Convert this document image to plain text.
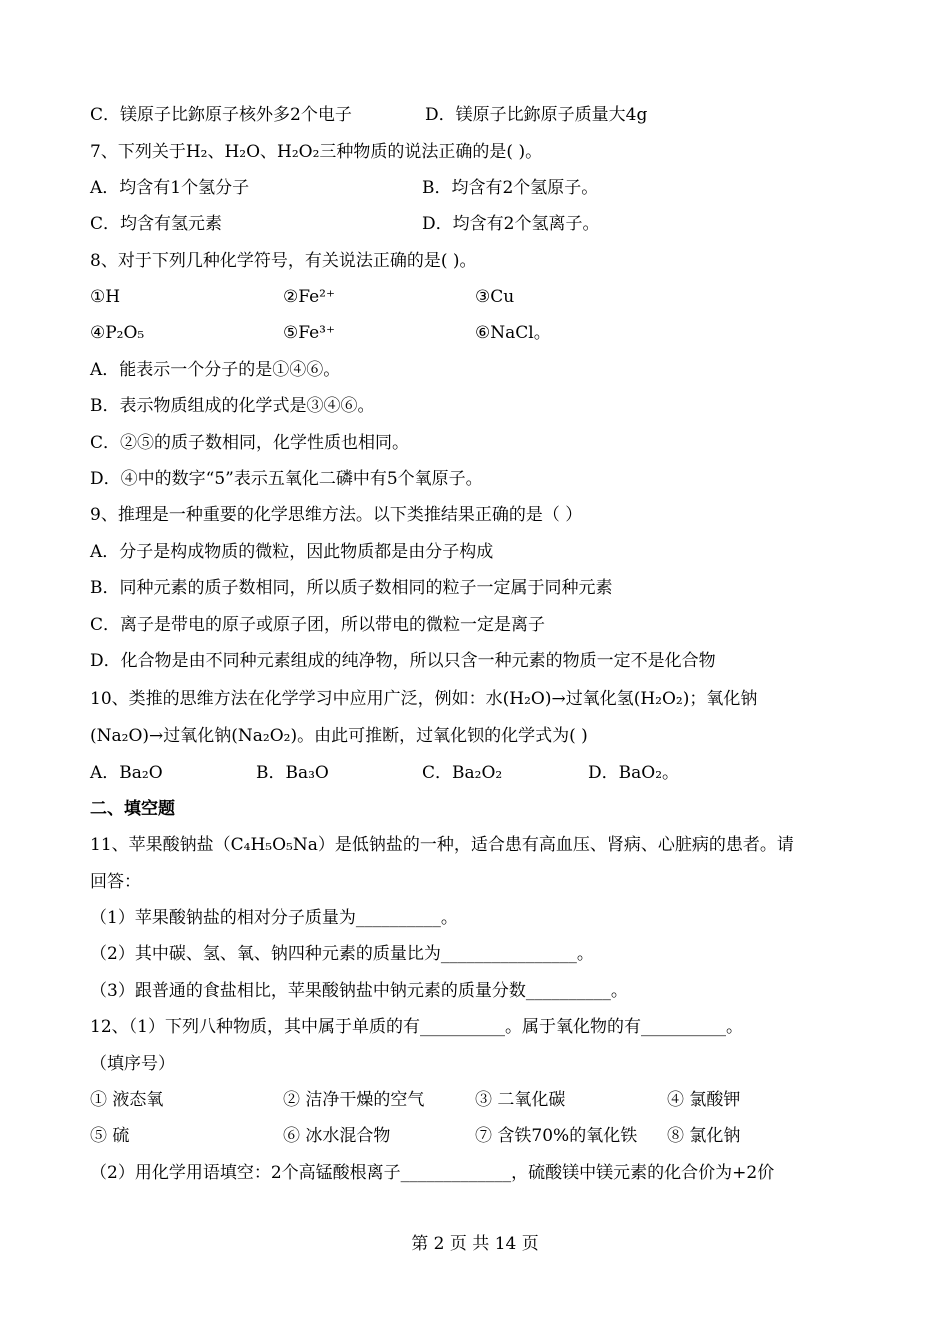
C．镁原子比鉨原子核外多2个电子	D．镁原子比鉨原子质量大4g
7、下列关于H₂、H₂O、H₂O₂三种物质的说法正确的是( )。
A．均含有1个氢分子	B．均含有2个氢原子。
C．均含有氢元素	D．均含有2个氢离子。
8、对于下列几种化学符号，有关说法正确的是( )。
①H	②Fe²⁺	③Cu
④P₂O₅	⑤Fe³⁺	⑥NaCl。
A．能表示一个分子的是①④⑥。
B．表示物质组成的化学式是③④⑥。
C．②⑤的质子数相同，化学性质也相同。
D．④中的数字“5”表示五氧化二磷中有5个氧原子。
9、推理是一种重要的化学思维方法。以下类推结果正确的是（ ）
A．分子是构成物质的微粒，因此物质都是由分子构成
B．同种元素的质子数相同，所以质子数相同的粒子一定属于同种元素
C．离子是带电的原子或原子团，所以带电的微粒一定是离子
D．化合物是由不同种元素组成的纯净物，所以只含一种元素的物质一定不是化合物
10、类推的思维方法在化学学习中应用广泛，例如：水(H₂O)→过氧化氢(H₂O₂)；氧化钠
(Na₂O)→过氧化钠(Na₂O₂)。由此可推断，过氧化钡的化学式为( )
A．Ba₂O	B．Ba₃O	C．Ba₂O₂	D．BaO₂。
二、填空题
11、苹果酸钠盐（C₄H₅O₅Na）是低钠盐的一种，适合患有高血压、肾病、心脏病的患者。请
回答：
（1）苹果酸钠盐的相对分子质量为__________。
（2）其中碳、氢、氧、钠四种元素的质量比为________________。
（3）跟普通的食盐相比，苹果酸钠盐中钠元素的质量分数__________。
12、（1）下列八种物质，其中属于单质的有__________。属于氧化物的有__________。
（填序号）
① 液态氧	② 洁净干燥的空气	③ 二氧化碳	④ 氯酸钾
⑤ 硫	⑥ 冰水混合物	⑦ 含铁70%的氧化铁 ⑧ 氯化钠
（2）用化学用语填空：2个高锰酸根离子_____________，硫酸镁中镁元素的化合价为+2价
第 2 页 共 14 页
